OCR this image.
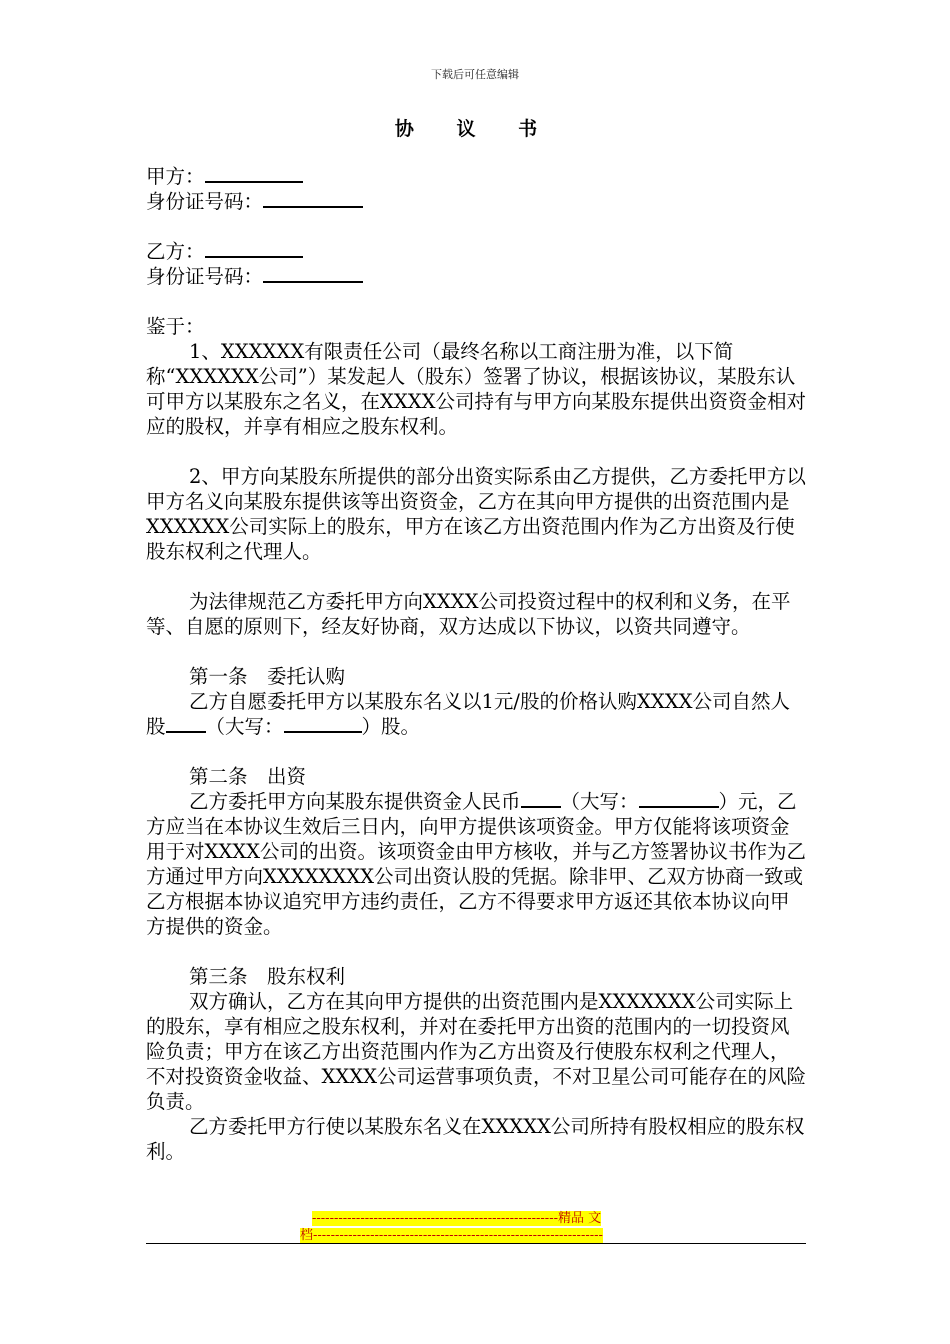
下载后可任意编辑
协 议 书

甲方：

身份证号码：

乙方：

身份证号码：

鉴于：

1、XXXXXX有限责任公司（最终名称以工商注册为准，以下简称“XXXXXX公司”）某发起人（股东）签署了协议，根据该协议，某股东认可甲方以某股东之名义，在XXXX公司持有与甲方向某股东提供出资资金相对应的股权，并享有相应之股东权利。

2、甲方向某股东所提供的部分出资实际系由乙方提供，乙方委托甲方以甲方名义向某股东提供该等出资资金，乙方在其向甲方提供的出资范围内是XXXXXX公司实际上的股东，甲方在该乙方出资范围内作为乙方出资及行使股东权利之代理人。

为法律规范乙方委托甲方向XXXX公司投资过程中的权利和义务，在平等、自愿的原则下，经友好协商，双方达成以下协议，以资共同遵守。

第一条　委托认购

乙方自愿委托甲方以某股东名义以1元/股的价格认购XXXX公司自然人股 （大写：	）股。

第二条　出资

乙方委托甲方向某股东提供资金人民币 （大写：	）元，乙方应当在本协议生效后三日内，向甲方提供该项资金。甲方仅能将该项资金用于对XXXX公司的出资。该项资金由甲方核收，并与乙方签署协议书作为乙方通过甲方向XXXXXXXX公司出资认股的凭据。除非甲、乙双方协商一致或乙方根据本协议追究甲方违约责任，乙方不得要求甲方返还其依本协议向甲方提供的资金。

第三条　股东权利

双方确认，乙方在其向甲方提供的出资范围内是XXXXXXX公司实际上的股东，享有相应之股东权利，并对在委托甲方出资的范围内的一切投资风险负责；甲方在该乙方出资范围内作为乙方出资及行使股东权利之代理人，不对投资资金收益、XXXX公司运营事项负责，不对卫星公司可能存在的风险负责。

乙方委托甲方行使以某股东名义在XXXXX公司所持有股权相应的股东权利。

--------------------------------------------------------精品 文
档------------------------------------------------------------------
